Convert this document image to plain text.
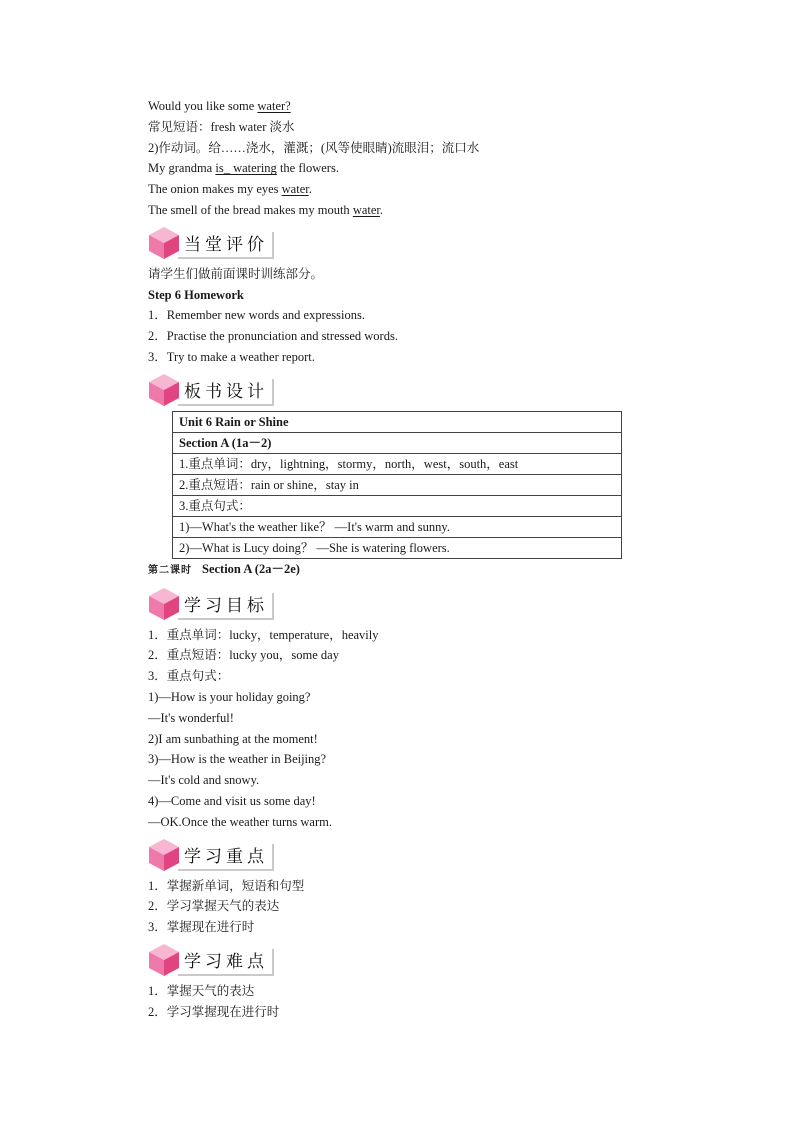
Would you like some water?
常见短语：fresh water 淡水
2)作动词。给……浇水，灌溉；(风等使眼睛)流眼泪；流口水
My grandma is_ watering the flowers.
The onion makes my eyes water.
The smell of the bread makes my mouth water.
当堂评价
请学生们做前面课时训练部分。
Step 6 Homework
1．Remember new words and expressions.
2．Practise the pronunciation and stressed words.
3．Try to make a weather report.
板书设计
Unit 6 Rain or Shine
Section A (1a－2)
1.重点单词：dry，lightning，stormy，north，west，south，east
2.重点短语：rain or shine，stay in
3.重点句式：
1)—What's the weather like？ —It's warm and sunny.
2)—What is Lucy doing？ —She is watering flowers.
第二课时 Section A (2a－2e)
学习目标
1．重点单词：lucky，temperature，heavily
2．重点短语：lucky you，some day
3．重点句式：
1)—How is your holiday going?
—It's wonderful!
2)I am sunbathing at the moment!
3)—How is the weather in Beijing?
—It's cold and snowy.
4)—Come and visit us some day!
—OK.Once the weather turns warm.
学习重点
1．掌握新单词，短语和句型
2．学习掌握天气的表达
3．掌握现在进行时
学习难点
1．掌握天气的表达
2．学习掌握现在进行时
